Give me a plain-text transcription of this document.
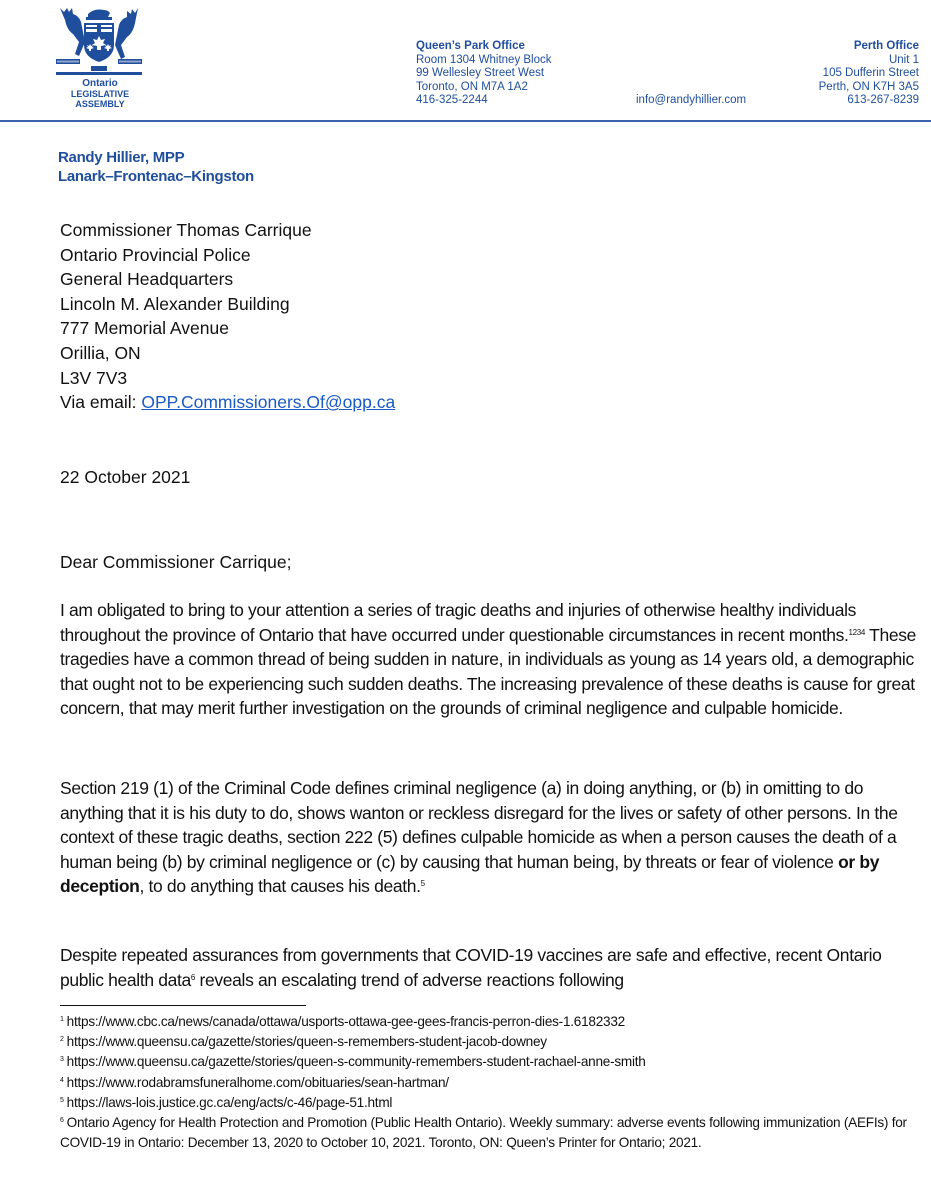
Ontario
LEGISLATIVE
ASSEMBLY
Queen’s Park Office
Room 1304 Whitney Block
99 Wellesley Street West
Toronto, ON M7A 1A2
416-325-2244	info@randyhillier.com
Perth Office
Unit 1
105 Dufferin Street
Perth, ON K7H 3A5
613-267-8239
Randy Hillier, MPP
Lanark–Frontenac–Kingston
Commissioner Thomas Carrique
Ontario Provincial Police
General Headquarters
Lincoln M. Alexander Building
777 Memorial Avenue
Orillia, ON
L3V 7V3
Via email: OPP.Commissioners.Of@opp.ca
22 October 2021
Dear Commissioner Carrique;
I am obligated to bring to your attention a series of tragic deaths and injuries of otherwise healthy individuals throughout the province of Ontario that have occurred under questionable circumstances in recent months.$^{1234}$ These tragedies have a common thread of being sudden in nature, in individuals as young as 14 years old, a demographic that ought not to be experiencing such sudden deaths. The increasing prevalence of these deaths is cause for great concern, that may merit further investigation on the grounds of criminal negligence and culpable homicide.
Section 219 (1) of the Criminal Code defines criminal negligence (a) in doing anything, or (b) in omitting to do anything that it is his duty to do, shows wanton or reckless disregard for the lives or safety of other persons. In the context of these tragic deaths, section 222 (5) defines culpable homicide as when a person causes the death of a human being (b) by criminal negligence or (c) by causing that human being, by threats or fear of violence or by deception, to do anything that causes his death.$^5$
Despite repeated assurances from governments that COVID-19 vaccines are safe and effective, recent Ontario public health data$^6$ reveals an escalating trend of adverse reactions following
$^1$ https://www.cbc.ca/news/canada/ottawa/usports-ottawa-gee-gees-francis-perron-dies-1.6182332
$^2$ https://www.queensu.ca/gazette/stories/queen-s-remembers-student-jacob-downey
$^3$ https://www.queensu.ca/gazette/stories/queen-s-community-remembers-student-rachael-anne-smith
$^4$ https://www.rodabramsfuneralhome.com/obituaries/sean-hartman/
$^5$ https://laws-lois.justice.gc.ca/eng/acts/c-46/page-51.html
$^6$ Ontario Agency for Health Protection and Promotion (Public Health Ontario). Weekly summary: adverse events following immunization (AEFIs) for COVID-19 in Ontario: December 13, 2020 to October 10, 2021. Toronto, ON: Queen’s Printer for Ontario; 2021.
